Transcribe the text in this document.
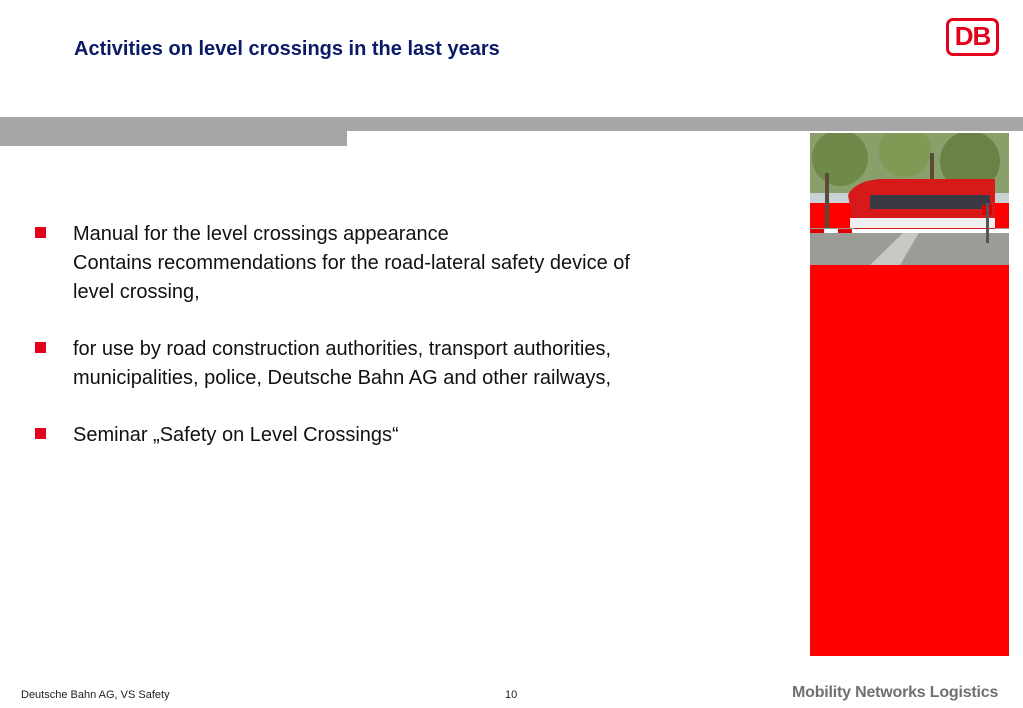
Activities on level crossings in the last years	DB
Manual for the level crossings appearance
Contains recommendations for the road-lateral safety device of
level crossing,
for use by road construction authorities, transport authorities,
municipalities, police, Deutsche Bahn AG and other railways,
Seminar „Safety on Level Crossings“
Deutsche Bahn AG, VS Safety	10	Mobility Networks Logistics
